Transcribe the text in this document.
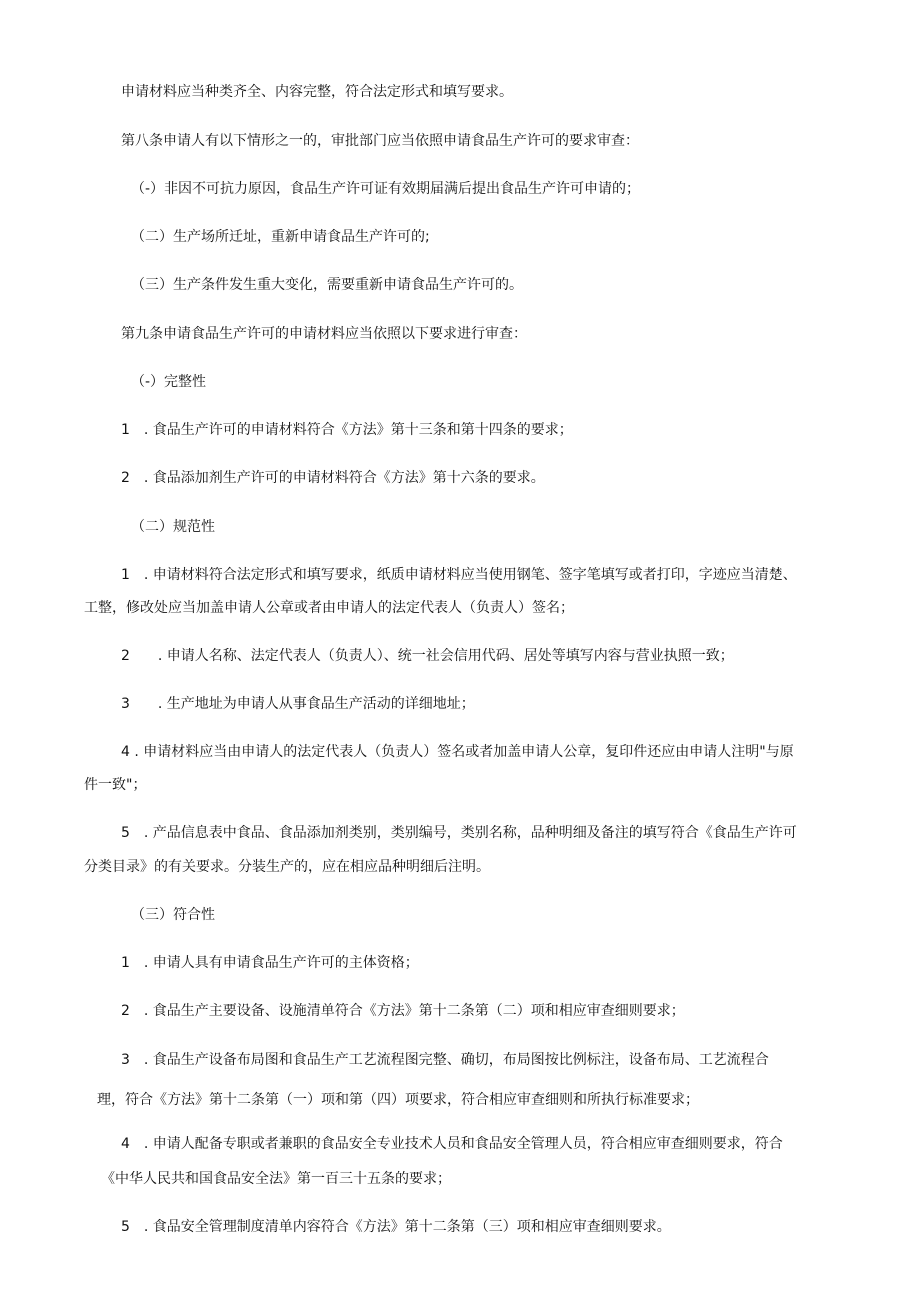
申请材料应当种类齐全、内容完整，符合法定形式和填写要求。

第八条申请人有以下情形之一的，审批部门应当依照申请食品生产许可的要求审查：

（-）非因不可抗力原因，食品生产许可证有效期届满后提出食品生产许可申请的；

（二）生产场所迁址，重新申请食品生产许可的;

（三）生产条件发生重大变化，需要重新申请食品生产许可的。

第九条申请食品生产许可的申请材料应当依照以下要求进行审查：

（-）完整性

1　. 食品生产许可的申请材料符合《方法》第十三条和第十四条的要求；

2　. 食品添加剂生产许可的申请材料符合《方法》第十六条的要求。

（二）规范性

1　. 申请材料符合法定形式和填写要求，纸质申请材料应当使用钢笔、签字笔填写或者打印，字迹应当清楚、

工整，修改处应当加盖申请人公章或者由申请人的法定代表人（负责人）签名；

2　　. 申请人名称、法定代表人（负责人）、统一社会信用代码、居处等填写内容与营业执照一致；

3　　. 生产地址为申请人从事食品生产活动的详细地址；

4 . 申请材料应当由申请人的法定代表人（负责人）签名或者加盖申请人公章，复印件还应由申请人注明"与原

件一致"；

5　. 产品信息表中食品、食品添加剂类别，类别编号，类别名称，品种明细及备注的填写符合《食品生产许可

分类目录》的有关要求。分装生产的，应在相应品种明细后注明。

（三）符合性

1　. 申请人具有申请食品生产许可的主体资格；

2　. 食品生产主要设备、设施清单符合《方法》第十二条第（二）项和相应审查细则要求；

3　. 食品生产设备布局图和食品生产工艺流程图完整、确切，布局图按比例标注，设备布局、工艺流程合

理，符合《方法》第十二条第（一）项和第（四）项要求，符合相应审查细则和所执行标准要求；

4　. 申请人配备专职或者兼职的食品安全专业技术人员和食品安全管理人员，符合相应审查细则要求，符合

《中华人民共和国食品安全法》第一百三十五条的要求；

5　. 食品安全管理制度清单内容符合《方法》第十二条第（三）项和相应审查细则要求。
